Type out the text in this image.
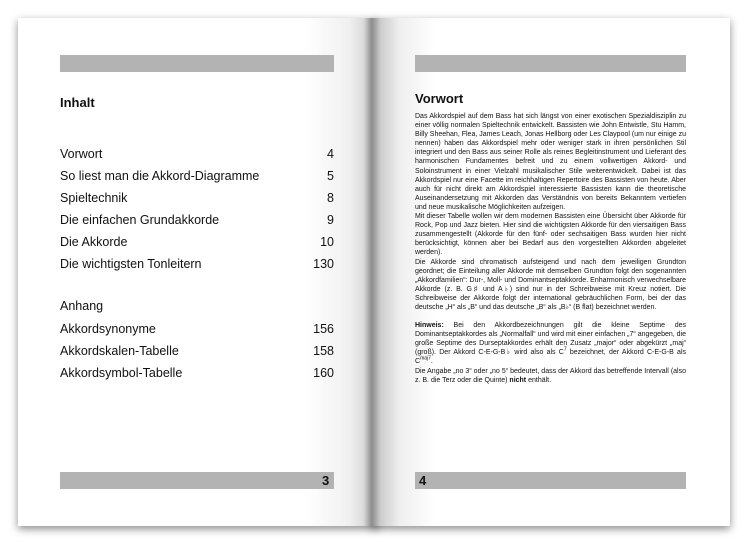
Inhalt
Vorwort	4
So liest man die Akkord-Diagramme	5
Spieltechnik	8
Die einfachen Grundakkorde	9
Die Akkorde	10
Die wichtigsten Tonleitern	130
Anhang
Akkordsynonyme	156
Akkordskalen-Tabelle	158
Akkordsymbol-Tabelle	160
3
Vorwort

Das Akkordspiel auf dem Bass hat sich längst von einer exotischen Spezialdisziplin zu einer völlig normalen Spieltechnik entwickelt. Bassisten wie John Entwistle, Stu Hamm, Billy Sheehan, Flea, James Leach, Jonas Hellborg oder Les Claypool (um nur einige zu nennen) haben das Akkordspiel mehr oder weniger stark in ihren persönlichen Stil integriert und den Bass aus seiner Rolle als reines Begleitinstrument und Lieferant des harmonischen Fundamentes befreit und zu einem vollwertigen Akkord- und Soloinstrument in einer Vielzahl musikalischer Stile weiterentwickelt. Dabei ist das Akkordspiel nur eine Facette im reichhaltigen Repertoire des Bassisten von heute. Aber auch für nicht direkt am Akkordspiel interessierte Bassisten kann die theoretische Auseinandersetzung mit Akkorden das Verständnis von bereits Bekanntem vertiefen und neue musikalische Möglichkeiten aufzeigen.

Mit dieser Tabelle wollen wir dem modernen Bassisten eine Übersicht über Akkorde für Rock, Pop und Jazz bieten. Hier sind die wichtigsten Akkorde für den viersaitigen Bass zusammengestellt (Akkorde für den fünf- oder sechsaitigen Bass wurden hier nicht berücksichtigt, können aber bei Bedarf aus den vorgestellten Akkorden abgeleitet werden).

Die Akkorde sind chromatisch aufsteigend und nach dem jeweiligen Grundton geordnet; die Einteilung aller Akkorde mit demselben Grundton folgt den sogenannten „Akkordfamilien“: Dur-, Moll- und Dominantseptakkorde. Enharmonisch verwechselbare Akkorde (z. B. G♯ und A♭) sind nur in der Schreibweise mit Kreuz notiert. Die Schreibweise der Akkorde folgt der international gebräuchlichen Form, bei der das deutsche „H“ als „B“ und das deutsche „B“ als „B♭“ (B flat) bezeichnet werden.

Hinweis: Bei den Akkordbezeichnungen gilt die kleine Septime des Dominantseptakkordes als „Normalfall“ und wird mit einer einfachen „7“ angegeben, die große Septime des Durseptakkordes erhält den Zusatz „major“ oder abgekürzt „maj“ (groß). Der Akkord C-E-G-B♭ wird also als $C^7$ bezeichnet, der Akkord C-E-G-B als $C^{maj7}$.

Die Angabe „no 3“ oder „no 5“ bedeutet, dass der Akkord das betreffende Intervall (also z. B. die Terz oder die Quinte) nicht enthält.

4
